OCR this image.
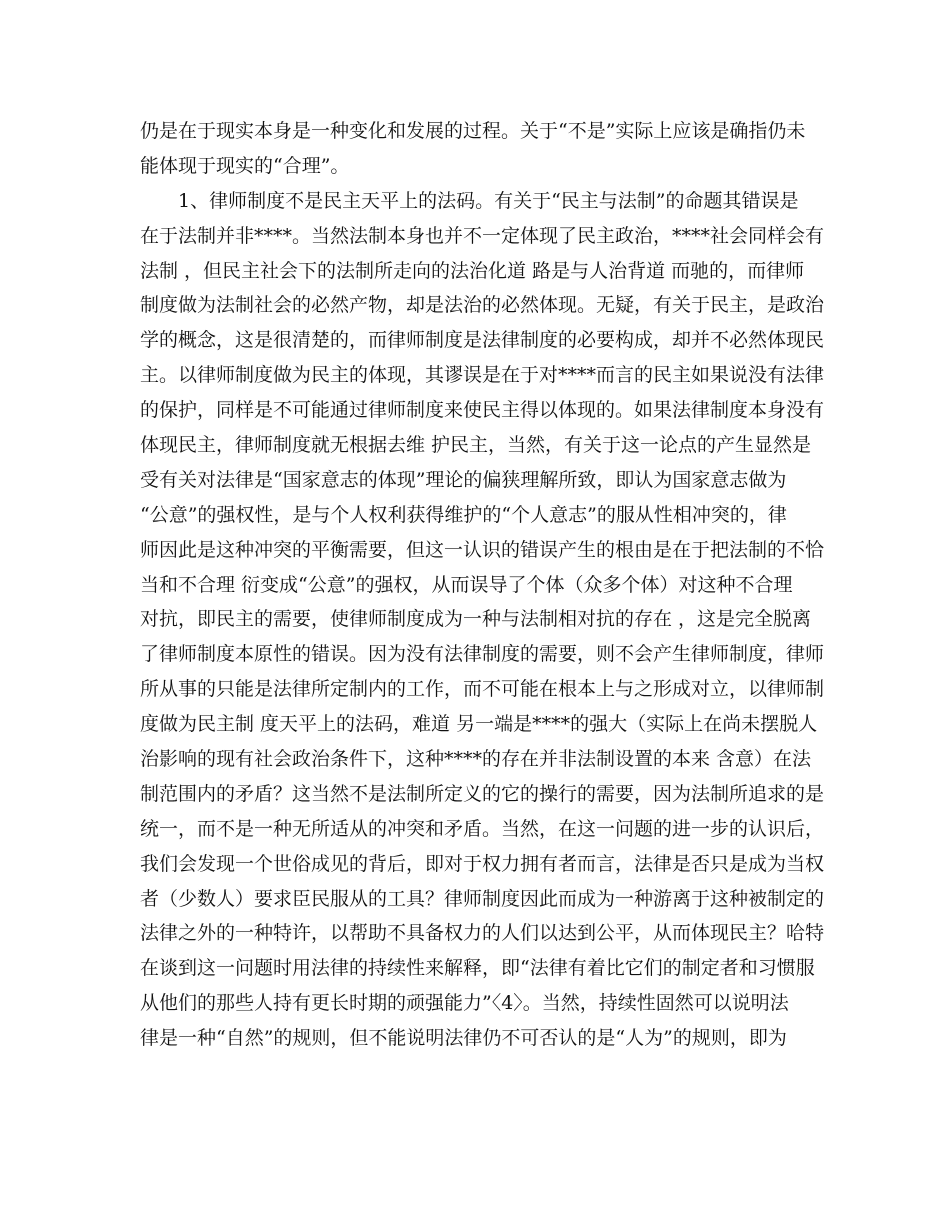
仍是在于现实本身是一种变化和发展的过程。关于“不是”实际上应该是确指仍未
能体现于现实的“合理”。
1、律师制度不是民主天平上的法码。有关于“民主与法制”的命题其错误是
在于法制并非****。当然法制本身也并不一定体现了民主政治，****社会同样会有
法制 ，但民主社会下的法制所走向的法治化道 路是与人治背道 而驰的，而律师
制度做为法制社会的必然产物，却是法治的必然体现。无疑，有关于民主，是政治
学的概念，这是很清楚的，而律师制度是法律制度的必要构成，却并不必然体现民
主。以律师制度做为民主的体现，其谬误是在于对****而言的民主如果说没有法律
的保护，同样是不可能通过律师制度来使民主得以体现的。如果法律制度本身没有
体现民主，律师制度就无根据去维 护民主，当然，有关于这一论点的产生显然是
受有关对法律是“国家意志的体现”理论的偏狭理解所致，即认为国家意志做为
“公意”的强权性，是与个人权利获得维护的“个人意志”的服从性相冲突的，律
师因此是这种冲突的平衡需要，但这一认识的错误产生的根由是在于把法制的不恰
当和不合理 衍变成“公意”的强权，从而误导了个体（众多个体）对这种不合理
对抗，即民主的需要，使律师制度成为一种与法制相对抗的存在 ，这是完全脱离
了律师制度本原性的错误。因为没有法律制度的需要，则不会产生律师制度，律师
所从事的只能是法律所定制内的工作，而不可能在根本上与之形成对立，以律师制
度做为民主制 度天平上的法码，难道 另一端是****的强大（实际上在尚未摆脱人
治影响的现有社会政治条件下，这种****的存在并非法制设置的本来 含意）在法
制范围内的矛盾？这当然不是法制所定义的它的操行的需要，因为法制所追求的是
统一，而不是一种无所适从的冲突和矛盾。当然，在这一问题的进一步的认识后，
我们会发现一个世俗成见的背后，即对于权力拥有者而言，法律是否只是成为当权
者（少数人）要求臣民服从的工具？律师制度因此而成为一种游离于这种被制定的
法律之外的一种特许，以帮助不具备权力的人们以达到公平，从而体现民主？哈特
在谈到这一问题时用法律的持续性来解释，即“法律有着比它们的制定者和习惯服
从他们的那些人持有更长时期的顽强能力”〈4〉。当然，持续性固然可以说明法
律是一种“自然”的规则，但不能说明法律仍不可否认的是“人为”的规则，即为
